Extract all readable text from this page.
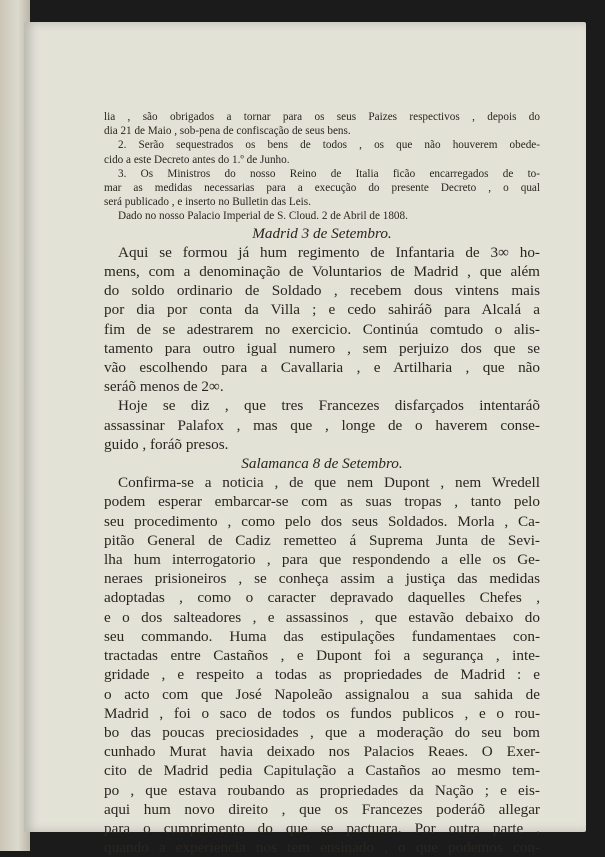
lia , são obrigados a tornar para os seus Paizes respectivos , depois do
dia 21 de Maio , sob-pena de confiscação de seus bens.
2. Serão sequestrados os bens de todos , os que não houverem obede-
cido a este Decreto antes do 1.º de Junho.
3. Os Ministros do nosso Reino de Italia ficão encarregados de to-
mar as medidas necessarias para a execução do presente Decreto , o qual
será publicado , e inserto no Bulletin das Leis.
Dado no nosso Palacio Imperial de S. Cloud. 2 de Abril de 1808.
Madrid 3 de Setembro.
Aqui se formou já hum regimento de Infantaria de 3∞ ho-
mens, com a denominação de Voluntarios de Madrid , que além
do soldo ordinario de Soldado , recebem dous vintens mais
por dia por conta da Villa ; e cedo sahiráõ para Alcalá a
fim de se adestrarem no exercicio. Continúa comtudo o alis-
tamento para outro igual numero , sem perjuizo dos que se
vão escolhendo para a Cavallaria , e Artilharia , que não
seráõ menos de 2∞.
Hoje se diz , que tres Francezes disfarçados intentaráõ
assassinar Palafox , mas que , longe de o haverem conse-
guido , foráõ presos.
Salamanca 8 de Setembro.
Confirma-se a noticia , de que nem Dupont , nem Wredell
podem esperar embarcar-se com as suas tropas , tanto pelo
seu procedimento , como pelo dos seus Soldados. Morla , Ca-
pitão General de Cadiz remetteo á Suprema Junta de Sevi-
lha hum interrogatorio , para que respondendo a elle os Ge-
neraes prisioneiros , se conheça assim a justiça das medidas
adoptadas , como o caracter depravado daquelles Chefes ,
e o dos salteadores , e assassinos , que estavão debaixo do
seu commando. Huma das estipulações fundamentaes con-
tractadas entre Castaños , e Dupont foi a segurança , inte-
gridade , e respeito a todas as propriedades de Madrid : e
o acto com que José Napoleão assignalou a sua sahida de
Madrid , foi o saco de todos os fundos publicos , e o rou-
bo das poucas preciosidades , que a moderação do seu bom
cunhado Murat havia deixado nos Palacios Reaes. O Exer-
cito de Madrid pedia Capitulação a Castaños ao mesmo tem-
po , que estava roubando as propriedades da Nação ; e eis-
aqui hum novo direito , que os Francezes poderáõ allegar
para o cumprimento do que se pactuara. Por outra parte ,
quando a experiencia nos tem ensinado , o que podemos con-
